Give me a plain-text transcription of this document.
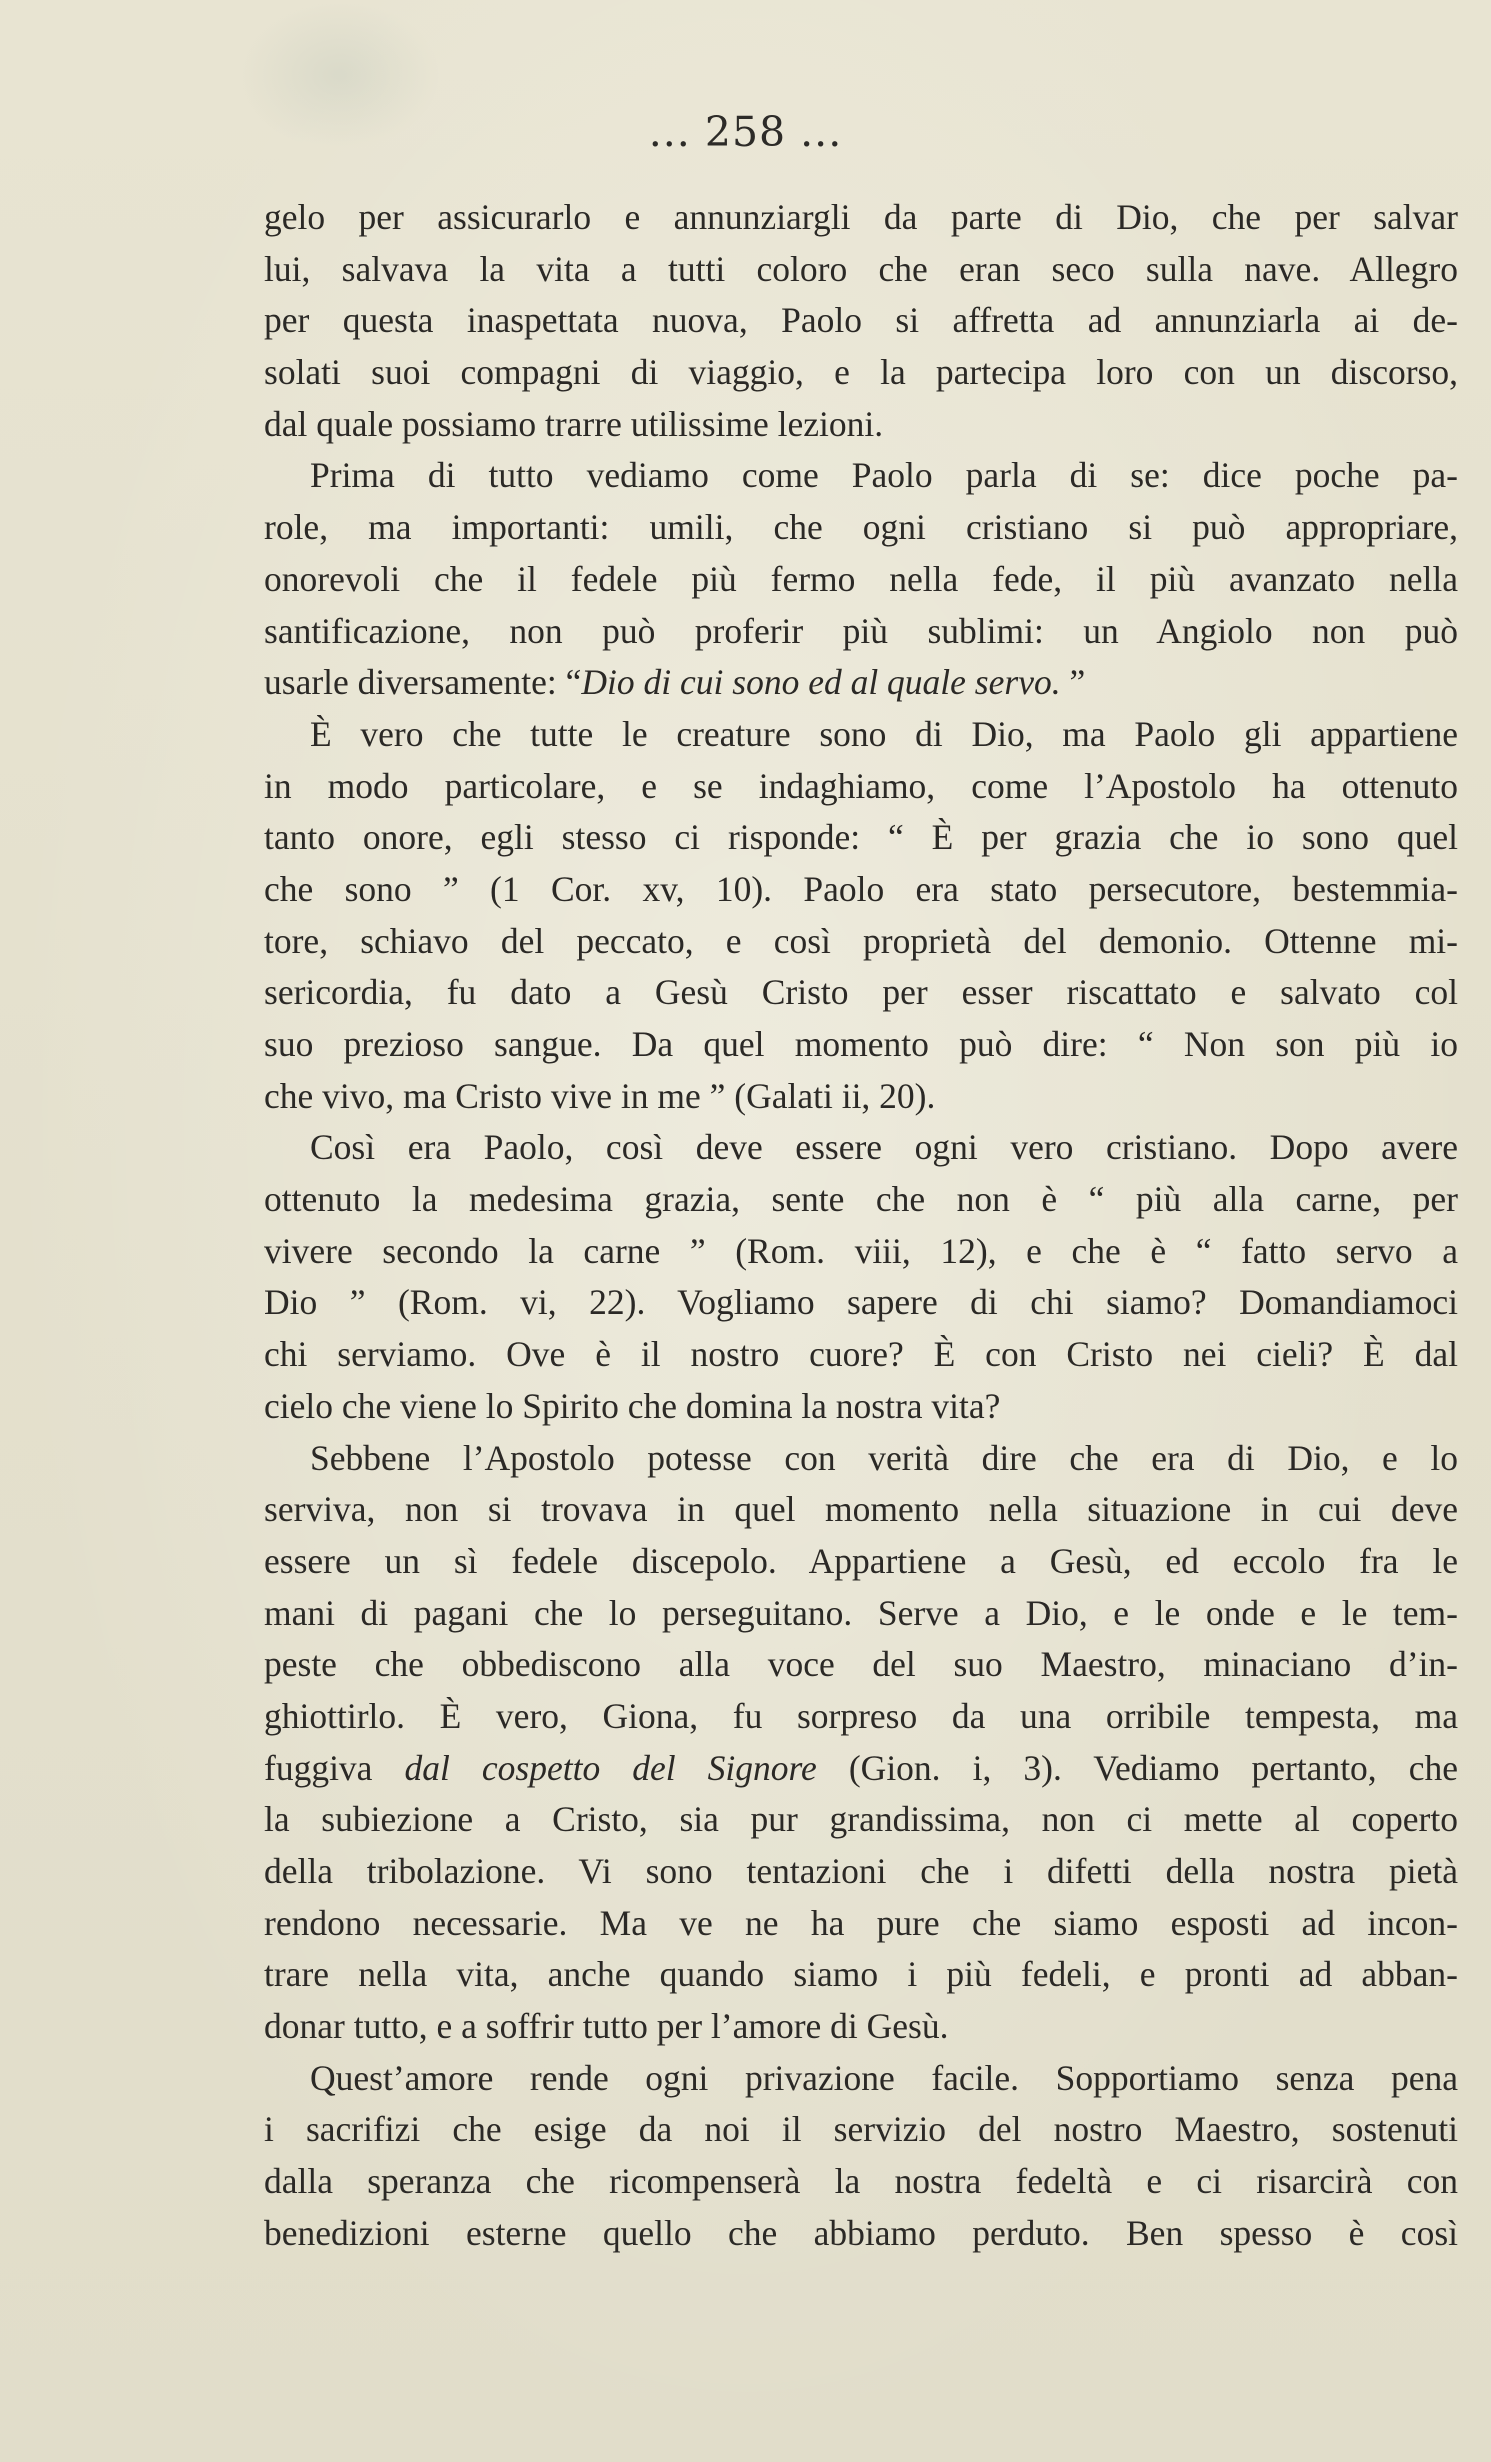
... 258 ...
gelo per assicurarlo e annunziargli da parte di Dio, che per salvar
lui, salvava la vita a tutti coloro che eran seco sulla nave. Allegro
per questa inaspettata nuova, Paolo si affretta ad annunziarla ai de-
solati suoi compagni di viaggio, e la partecipa loro con un discorso,
dal quale possiamo trarre utilissime lezioni.
Prima di tutto vediamo come Paolo parla di se: dice poche pa-
role, ma importanti: umili, che ogni cristiano si può appropriare,
onorevoli che il fedele più fermo nella fede, il più avanzato nella
santificazione, non può proferir più sublimi: un Angiolo non può
usarle diversamente: “Dio di cui sono ed al quale servo. ”
È vero che tutte le creature sono di Dio, ma Paolo gli appartiene
in modo particolare, e se indaghiamo, come l’Apostolo ha ottenuto
tanto onore, egli stesso ci risponde: “ È per grazia che io sono quel
che sono ” (1 Cor. xv, 10). Paolo era stato persecutore, bestemmia-
tore, schiavo del peccato, e così proprietà del demonio. Ottenne mi-
sericordia, fu dato a Gesù Cristo per esser riscattato e salvato col
suo prezioso sangue. Da quel momento può dire: “ Non son più io
che vivo, ma Cristo vive in me ” (Galati ii, 20).
Così era Paolo, così deve essere ogni vero cristiano. Dopo avere
ottenuto la medesima grazia, sente che non è “ più alla carne, per
vivere secondo la carne ” (Rom. viii, 12), e che è “ fatto servo a
Dio ” (Rom. vi, 22). Vogliamo sapere di chi siamo? Domandiamoci
chi serviamo. Ove è il nostro cuore? È con Cristo nei cieli? È dal
cielo che viene lo Spirito che domina la nostra vita?
Sebbene l’Apostolo potesse con verità dire che era di Dio, e lo
serviva, non si trovava in quel momento nella situazione in cui deve
essere un sì fedele discepolo. Appartiene a Gesù, ed eccolo fra le
mani di pagani che lo perseguitano. Serve a Dio, e le onde e le tem-
peste che obbediscono alla voce del suo Maestro, minaciano d’in-
ghiottirlo. È vero, Giona, fu sorpreso da una orribile tempesta, ma
fuggiva dal cospetto del Signore (Gion. i, 3). Vediamo pertanto, che
la subiezione a Cristo, sia pur grandissima, non ci mette al coperto
della tribolazione. Vi sono tentazioni che i difetti della nostra pietà
rendono necessarie. Ma ve ne ha pure che siamo esposti ad incon-
trare nella vita, anche quando siamo i più fedeli, e pronti ad abban-
donar tutto, e a soffrir tutto per l’amore di Gesù.
Quest’amore rende ogni privazione facile. Sopportiamo senza pena
i sacrifizi che esige da noi il servizio del nostro Maestro, sostenuti
dalla speranza che ricompenserà la nostra fedeltà e ci risarcirà con
benedizioni esterne quello che abbiamo perduto. Ben spesso è così
